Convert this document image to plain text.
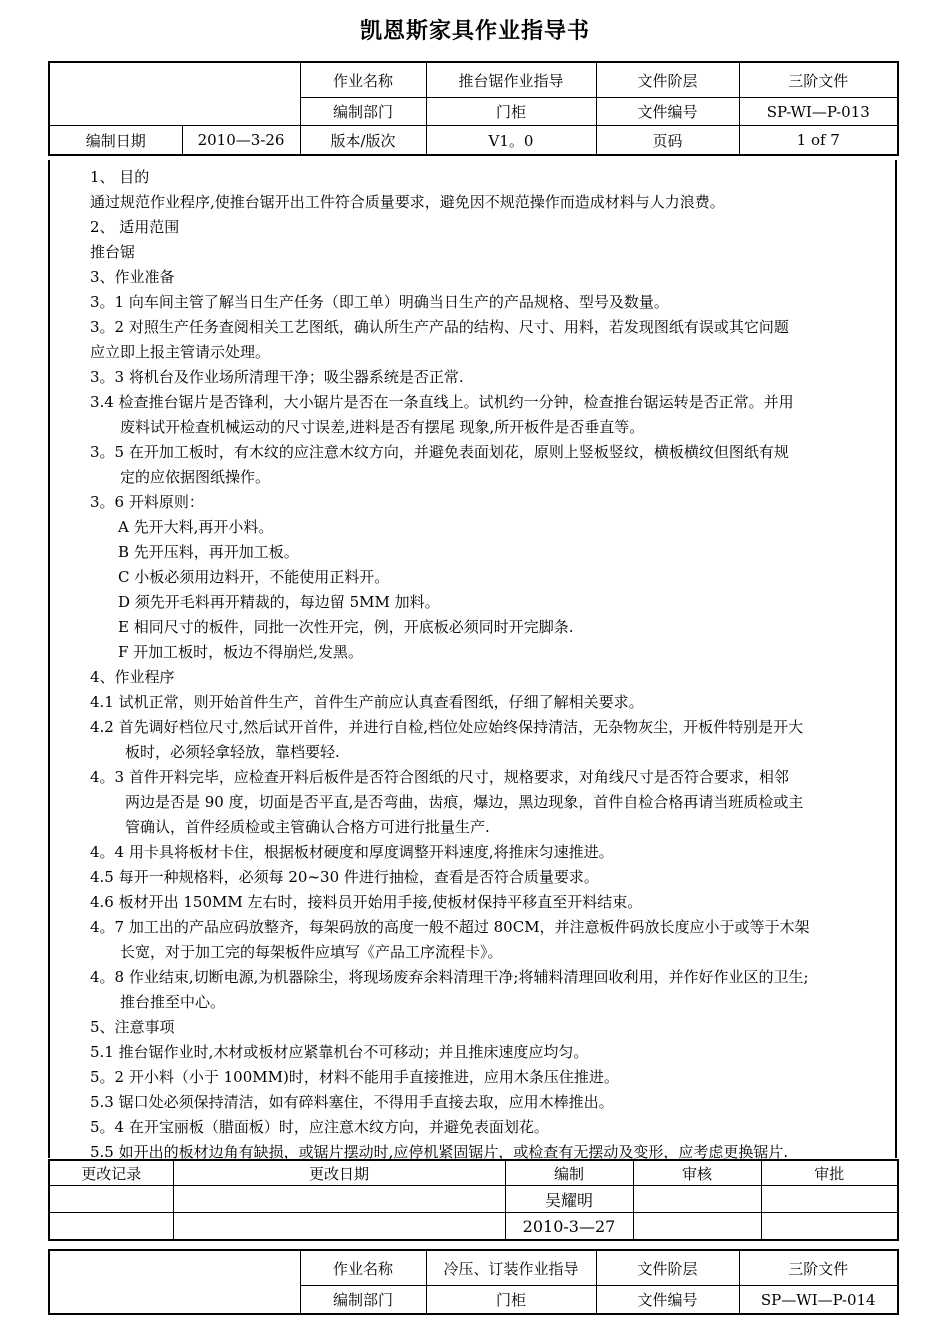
凯恩斯家具作业指导书
		作业名称	推台锯作业指导	文件阶层	三阶文件
		编制部门	门柜	文件编号	SP-WI—P-013
编制日期	2010—3-26	版本/版次	V1。0	页码	1 of 7
1、 目的
通过规范作业程序,使推台锯开出工件符合质量要求，避免因不规范操作而造成材料与人力浪费。
2、 适用范围
推台锯
3、作业准备
3。1 向车间主管了解当日生产任务（即工单）明确当日生产的产品规格、型号及数量。
3。2 对照生产任务查阅相关工艺图纸，确认所生产产品的结构、尺寸、用料，若发现图纸有误或其它问题
应立即上报主管请示处理。
3。3 将机台及作业场所清理干净；吸尘器系统是否正常.
3.4 检查推台锯片是否锋利，大小锯片是否在一条直线上。试机约一分钟，检查推台锯运转是否正常。并用
废料试开检查机械运动的尺寸误差,进料是否有摆尾 现象,所开板件是否垂直等。
3。5 在开加工板时，有木纹的应注意木纹方向，并避免表面划花，原则上竖板竖纹，横板横纹但图纸有规
定的应依据图纸操作。
3。6 开料原则：
A 先开大料,再开小料。
B 先开压料，再开加工板。
C 小板必须用边料开，不能使用正料开。
D 须先开毛料再开精裁的，每边留 5MM 加料。
E 相同尺寸的板件，同批一次性开完，例，开底板必须同时开完脚条.
F 开加工板时，板边不得崩烂,发黑。
4、作业程序
4.1 试机正常，则开始首件生产，首件生产前应认真查看图纸，仔细了解相关要求。
4.2 首先调好档位尺寸,然后试开首件，并进行自检,档位处应始终保持清洁，无杂物灰尘，开板件特别是开大
板时，必须轻拿轻放，靠档要轻.
4。3 首件开料完毕，应检查开料后板件是否符合图纸的尺寸，规格要求，对角线尺寸是否符合要求，相邻
两边是否是 90 度，切面是否平直,是否弯曲，齿痕，爆边，黑边现象，首件自检合格再请当班质检或主
管确认，首件经质检或主管确认合格方可进行批量生产.
4。4 用卡具将板材卡住，根据板材硬度和厚度调整开料速度,将推床匀速推进。
4.5 每开一种规格料，必须每 20~30 件进行抽检，查看是否符合质量要求。
4.6 板材开出 150MM 左右时，接料员开始用手接,使板材保持平移直至开料结束。
4。7 加工出的产品应码放整齐，每架码放的高度一般不超过 80CM，并注意板件码放长度应小于或等于木架
长宽，对于加工完的每架板件应填写《产品工序流程卡》。
4。8 作业结束,切断电源,为机器除尘，将现场废弃余料清理干净;将辅料清理回收利用，并作好作业区的卫生;
推台推至中心。
5、注意事项
5.1 推台锯作业时,木材或板材应紧靠机台不可移动；并且推床速度应均匀。
5。2 开小料（小于 100MM)时，材料不能用手直接推进，应用木条压住推进。
5.3 锯口处必须保持清洁，如有碎料塞住，不得用手直接去取，应用木棒推出。
5。4 在开宝丽板（腊面板）时，应注意木纹方向，并避免表面划花。
5.5 如开出的板材边角有缺损，或锯片摆动时,应停机紧固锯片，或检查有无摆动及变形，应考虑更换锯片.
更改记录	更改日期	编制	审核	审批
		吴耀明		
		2010-3—27		
	作业名称	冷压、订装作业指导	文件阶层	三阶文件
	编制部门	门柜	文件编号	SP—WI—P-014
